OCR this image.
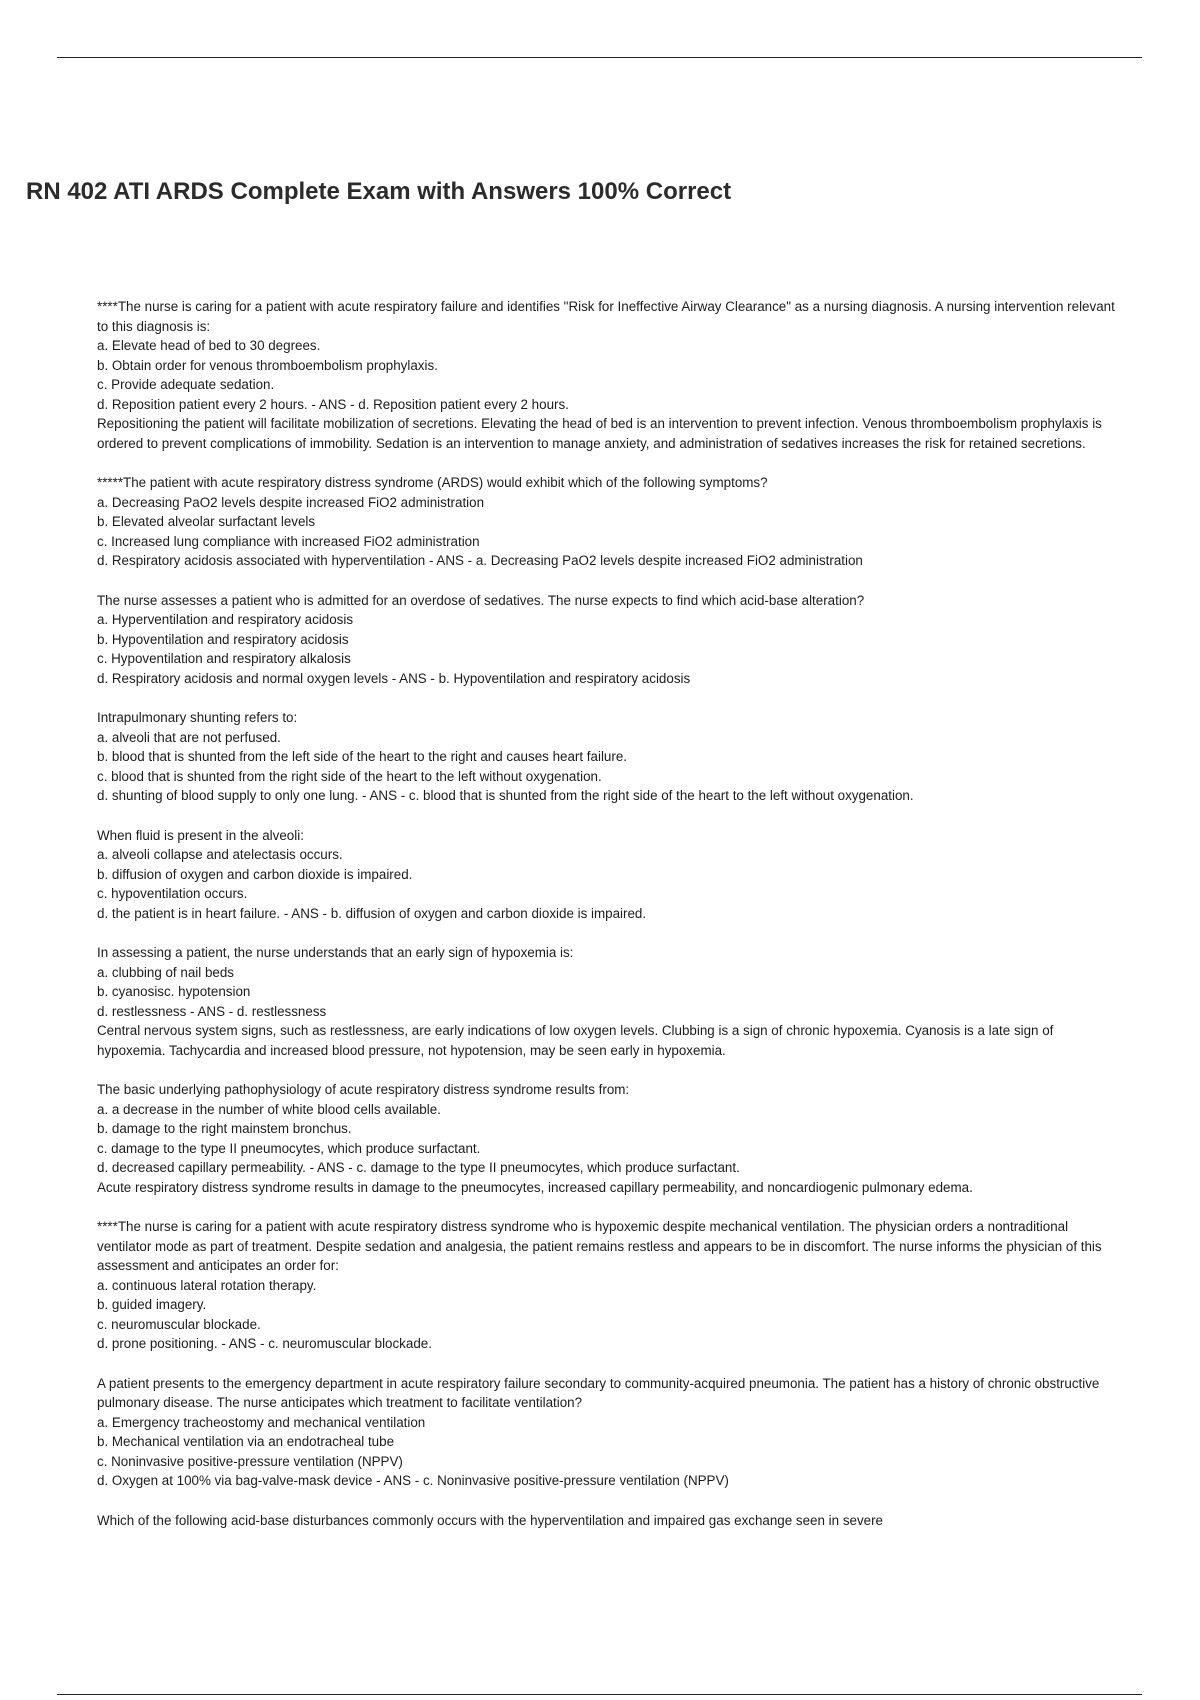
RN 402 ATI ARDS Complete Exam with Answers 100% Correct
****The nurse is caring for a patient with acute respiratory failure and identifies "Risk for Ineffective Airway Clearance" as a nursing diagnosis. A nursing intervention relevant to this diagnosis is:
a. Elevate head of bed to 30 degrees.
b. Obtain order for venous thromboembolism prophylaxis.
c. Provide adequate sedation.
d. Reposition patient every 2 hours. - ANS - d. Reposition patient every 2 hours.
Repositioning the patient will facilitate mobilization of secretions. Elevating the head of bed is an intervention to prevent infection. Venous thromboembolism prophylaxis is ordered to prevent complications of immobility. Sedation is an intervention to manage anxiety, and administration of sedatives increases the risk for retained secretions.
*****The patient with acute respiratory distress syndrome (ARDS) would exhibit which of the following symptoms?
a. Decreasing PaO2 levels despite increased FiO2 administration
b. Elevated alveolar surfactant levels
c. Increased lung compliance with increased FiO2 administration
d. Respiratory acidosis associated with hyperventilation - ANS - a. Decreasing PaO2 levels despite increased FiO2 administration
The nurse assesses a patient who is admitted for an overdose of sedatives. The nurse expects to find which acid-base alteration?
a. Hyperventilation and respiratory acidosis
b. Hypoventilation and respiratory acidosis
c. Hypoventilation and respiratory alkalosis
d. Respiratory acidosis and normal oxygen levels - ANS - b. Hypoventilation and respiratory acidosis
Intrapulmonary shunting refers to:
a. alveoli that are not perfused.
b. blood that is shunted from the left side of the heart to the right and causes heart failure.
c. blood that is shunted from the right side of the heart to the left without oxygenation.
d. shunting of blood supply to only one lung. - ANS - c. blood that is shunted from the right side of the heart to the left without oxygenation.
When fluid is present in the alveoli:
a. alveoli collapse and atelectasis occurs.
b. diffusion of oxygen and carbon dioxide is impaired.
c. hypoventilation occurs.
d. the patient is in heart failure. - ANS - b. diffusion of oxygen and carbon dioxide is impaired.
In assessing a patient, the nurse understands that an early sign of hypoxemia is:
a. clubbing of nail beds
b. cyanosisc. hypotension
d. restlessness - ANS - d. restlessness
Central nervous system signs, such as restlessness, are early indications of low oxygen levels. Clubbing is a sign of chronic hypoxemia. Cyanosis is a late sign of hypoxemia. Tachycardia and increased blood pressure, not hypotension, may be seen early in hypoxemia.
The basic underlying pathophysiology of acute respiratory distress syndrome results from:
a. a decrease in the number of white blood cells available.
b. damage to the right mainstem bronchus.
c. damage to the type II pneumocytes, which produce surfactant.
d. decreased capillary permeability. - ANS - c. damage to the type II pneumocytes, which produce surfactant.
Acute respiratory distress syndrome results in damage to the pneumocytes, increased capillary permeability, and noncardiogenic pulmonary edema.
****The nurse is caring for a patient with acute respiratory distress syndrome who is hypoxemic despite mechanical ventilation. The physician orders a nontraditional ventilator mode as part of treatment. Despite sedation and analgesia, the patient remains restless and appears to be in discomfort. The nurse informs the physician of this assessment and anticipates an order for:
a. continuous lateral rotation therapy.
b. guided imagery.
c. neuromuscular blockade.
d. prone positioning. - ANS - c. neuromuscular blockade.
A patient presents to the emergency department in acute respiratory failure secondary to community-acquired pneumonia. The patient has a history of chronic obstructive pulmonary disease. The nurse anticipates which treatment to facilitate ventilation?
a. Emergency tracheostomy and mechanical ventilation
b. Mechanical ventilation via an endotracheal tube
c. Noninvasive positive-pressure ventilation (NPPV)
d. Oxygen at 100% via bag-valve-mask device - ANS - c. Noninvasive positive-pressure ventilation (NPPV)
Which of the following acid-base disturbances commonly occurs with the hyperventilation and impaired gas exchange seen in severe
